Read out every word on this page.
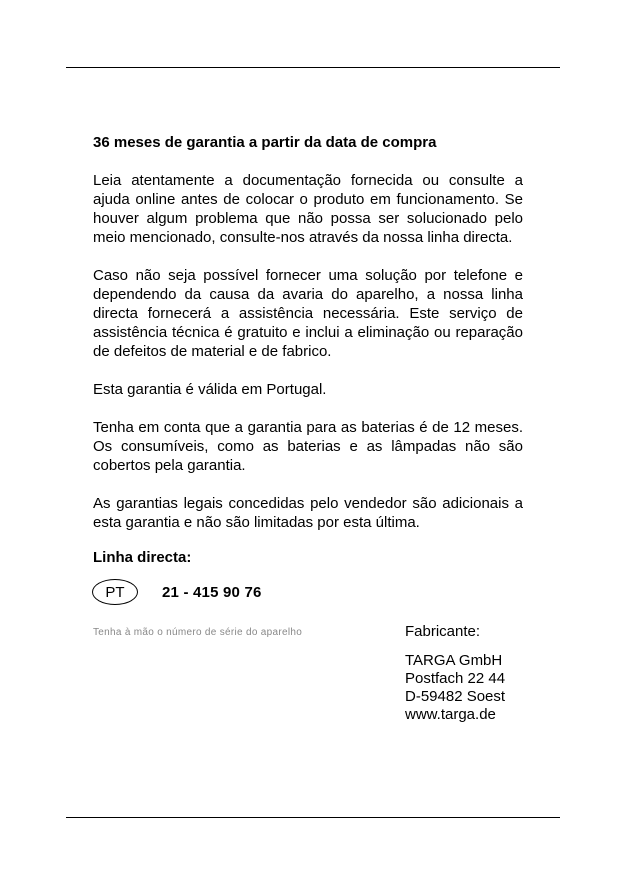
36 meses de garantia a partir da data de compra

Leia atentamente a documentação fornecida ou consulte a ajuda online antes de colocar o produto em funcionamento. Se houver algum problema que não possa ser solucionado pelo meio mencionado, consulte-nos através da nossa linha directa.

Caso não seja possível fornecer uma solução por telefone e dependendo da causa da avaria do aparelho, a nossa linha directa fornecerá a assistência necessária. Este serviço de assistência técnica é gratuito e inclui a eliminação ou reparação de defeitos de material e de fabrico.

Esta garantia é válida em Portugal.

Tenha em conta que a garantia para as baterias é de 12 meses. Os consumíveis, como as baterias e as lâmpadas não são cobertos pela garantia.

As garantias legais concedidas pelo vendedor são adicionais a esta garantia e não são limitadas por esta última.

Linha directa:
PT	21 - 415 90 76
Tenha à mão o número de série do aparelho	Fabricante:
TARGA GmbH
Postfach 22 44
D-59482 Soest
www.targa.de
